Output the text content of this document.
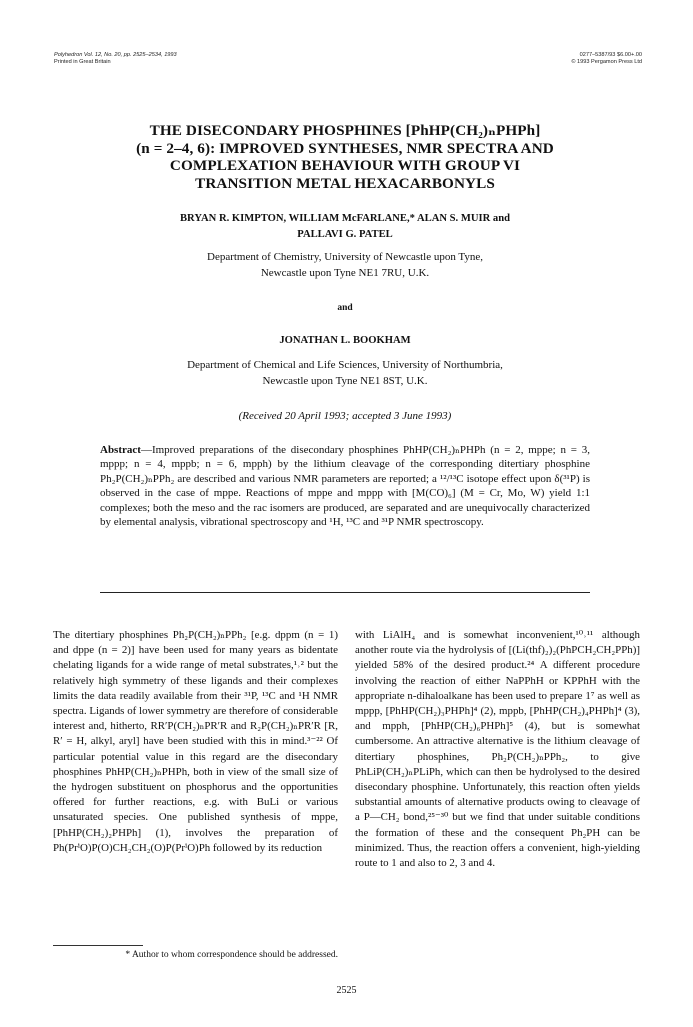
Polyhedron Vol. 12, No. 20, pp. 2525–2534, 1993
Printed in Great Britain
0277–5387/93 $6.00+.00
© 1993 Pergamon Press Ltd
THE DISECONDARY PHOSPHINES [PhHP(CH₂)ₙPHPh]
(n = 2–4, 6): IMPROVED SYNTHESES, NMR SPECTRA AND
COMPLEXATION BEHAVIOUR WITH GROUP VI
TRANSITION METAL HEXACARBONYLS
BRYAN R. KIMPTON, WILLIAM McFARLANE,* ALAN S. MUIR and
PALLAVI G. PATEL
Department of Chemistry, University of Newcastle upon Tyne,
Newcastle upon Tyne NE1 7RU, U.K.
and
JONATHAN L. BOOKHAM
Department of Chemical and Life Sciences, University of Northumbria,
Newcastle upon Tyne NE1 8ST, U.K.
(Received 20 April 1993; accepted 3 June 1993)
Abstract—Improved preparations of the disecondary phosphines PhHP(CH₂)ₙPHPh (n = 2, mppe; n = 3, mppp; n = 4, mppb; n = 6, mpph) by the lithium cleavage of the corresponding ditertiary phosphine Ph₂P(CH₂)ₙPPh₂ are described and various NMR parameters are reported; a ¹²/¹³C isotope effect upon δ(³¹P) is observed in the case of mppe. Reactions of mppe and mppp with [M(CO)₆] (M = Cr, Mo, W) yield 1:1 complexes; both the meso and the rac isomers are produced, are separated and are unequivocally characterized by elemental analysis, vibrational spectroscopy and ¹H, ¹³C and ³¹P NMR spectroscopy.
The ditertiary phosphines Ph₂P(CH₂)ₙPPh₂ [e.g. dppm (n = 1) and dppe (n = 2)] have been used for many years as bidentate chelating ligands for a wide range of metal substrates,¹˒² but the relatively high symmetry of these ligands and their complexes limits the data readily available from their ³¹P, ¹³C and ¹H NMR spectra. Ligands of lower symmetry are therefore of considerable interest and, hitherto, RR′P(CH₂)ₙPR′R and R₂P(CH₂)ₙPR′R [R, R′ = H, alkyl, aryl] have been studied with this in mind.³⁻²² Of particular potential value in this regard are the disecondary phosphines PhHP(CH₂)ₙPHPh, both in view of the small size of the hydrogen substituent on phosphorus and the opportunities offered for further reactions, e.g. with BuLi or various unsaturated species. One published synthesis of mppe, [PhHP(CH₂)₂PHPh] (1), involves the preparation of Ph(PrⁱO)P(O)CH₂CH₂(O)P(PrⁱO)Ph followed by its reduction
with LiAlH₄ and is somewhat inconvenient,¹⁰˒¹¹ although another route via the hydrolysis of [(Li(thf)₂)₂(PhPCH₂CH₂PPh)] yielded 58% of the desired product.²⁴ A different procedure involving the reaction of either NaPPhH or KPPhH with the appropriate n-dihaloalkane has been used to prepare 1⁷ as well as mppp, [PhHP(CH₂)₃PHPh]⁴ (2), mppb, [PhHP(CH₂)₄PHPh]⁴ (3), and mpph, [PhHP(CH₂)₆PHPh]⁵ (4), but is somewhat cumbersome. An attractive alternative is the lithium cleavage of ditertiary phosphines, Ph₂P(CH₂)ₙPPh₂, to give PhLiP(CH₂)ₙPLiPh, which can then be hydrolysed to the desired disecondary phosphine. Unfortunately, this reaction often yields substantial amounts of alternative products owing to cleavage of a P—CH₂ bond,²⁵⁻³⁰ but we find that under suitable conditions the formation of these and the consequent Ph₂PH can be minimized. Thus, the reaction offers a convenient, high-yielding route to 1 and also to 2, 3 and 4.
* Author to whom correspondence should be addressed.
2525
